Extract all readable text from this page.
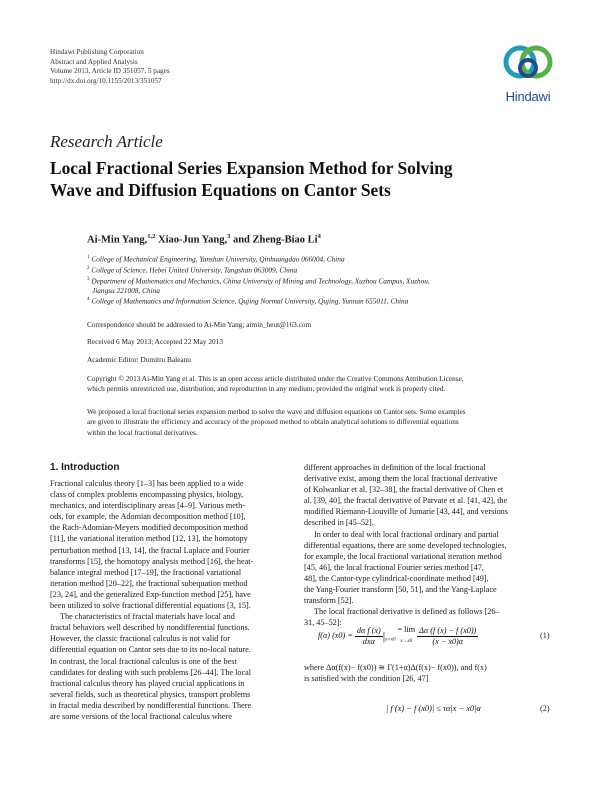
Hindawi Publishing Corporation
Abstract and Applied Analysis
Volume 2013, Article ID 351057, 5 pages
http://dx.doi.org/10.1155/2013/351057
Hindawi
Research Article
Local Fractional Series Expansion Method for Solving
Wave and Diffusion Equations on Cantor Sets
Ai-Min Yang,$^{1,2}$ Xiao-Jun Yang,$^3$ and Zheng-Biao Li$^4$
$^1$ College of Mechanical Engineering, Yanshan University, Qinhuangdao 066004, China
$^2$ College of Science, Hebei United University, Tangshan 063009, China
$^3$ Department of Mathematics and Mechanics, China University of Mining and Technology, Xuzhou Campus, Xuzhou,
Jiangsu 221008, China
$^4$ College of Mathematics and Information Science, Qujing Normal University, Qujing, Yunnan 655011, China
Correspondence should be addressed to Ai-Min Yang; aimin_heut@163.com
Received 6 May 2013; Accepted 22 May 2013
Academic Editor: Dumitru Baleanu
Copyright © 2013 Ai-Min Yang et al. This is an open access article distributed under the Creative Commons Attribution License,
which permits unrestricted use, distribution, and reproduction in any medium, provided the original work is properly cited.
We proposed a local fractional series expansion method to solve the wave and diffusion equations on Cantor sets. Some examples
are given to illustrate the efficiency and accuracy of the proposed method to obtain analytical solutions to differential equations
within the local fractional derivatives.
1. Introduction
Fractional calculus theory [1–3] has been applied to a wide
class of complex problems encompassing physics, biology,
mechanics, and interdisciplinary areas [4–9]. Various meth-
ods, for example, the Adomian decomposition method [10],
the Rach-Adomian-Meyers modified decomposition method
[11], the variational iteration method [12, 13], the homotopy
perturbation method [13, 14], the fractal Laplace and Fourier
transforms [15], the homotopy analysis method [16], the heat-
balance integral method [17–19], the fractional variational
iteration method [20–22], the fractional subequation method
[23, 24], and the generalized Exp-function method [25], have
been utilized to solve fractional differential equations [3, 15].
The characteristics of fractal materials have local and
fractal behaviors well described by nondifferential functions.
However, the classic fractional calculus is not valid for
differential equation on Cantor sets due to its no-local nature.
In contrast, the local fractional calculus is one of the best
candidates for dealing with such problems [26–44]. The local
fractional calculus theory has played crucial applications in
several fields, such as theoretical physics, transport problems
in fractal media described by nondifferential functions. There
are some versions of the local fractional calculus where
different approaches in definition of the local fractional
derivative exist, among them the local fractional derivative
of Kolwankar et al. [32–38], the fractal derivative of Chen et
al. [39, 40], the fractal derivative of Parvate et al. [41, 42], the
modified Riemann-Liouville of Jumarie [43, 44], and versions
described in [45–52].
In order to deal with local fractional ordinary and partial
differential equations, there are some developed technologies,
for example, the local fractional variational iteration method
[45, 46], the local fractional Fourier series method [47,
48], the Cantor-type cylindrical-coordinate method [49],
the Yang-Fourier transform [50, 51], and the Yang-Laplace
transform [52].
The local fractional derivative is defined as follows [26–
31, 45–52]:
f(α) $(x0) = \frac{\text{dα f (x)}}{\text{dxα}} |_{x=x0} = \lim$
$x\to x0 \frac{\Delta\alpha (f (x) - f (x0))}{(x - x0)\alpha}$	(1)
where Δα(f(x)− f(x0)) ≅ Γ(1+α)Δ(f(x)− f(x0)), and f(x)
is satisfied with the condition [26, 47]
| f (x) − f (x0)| ≤ τα|x − x0|α	(2)
